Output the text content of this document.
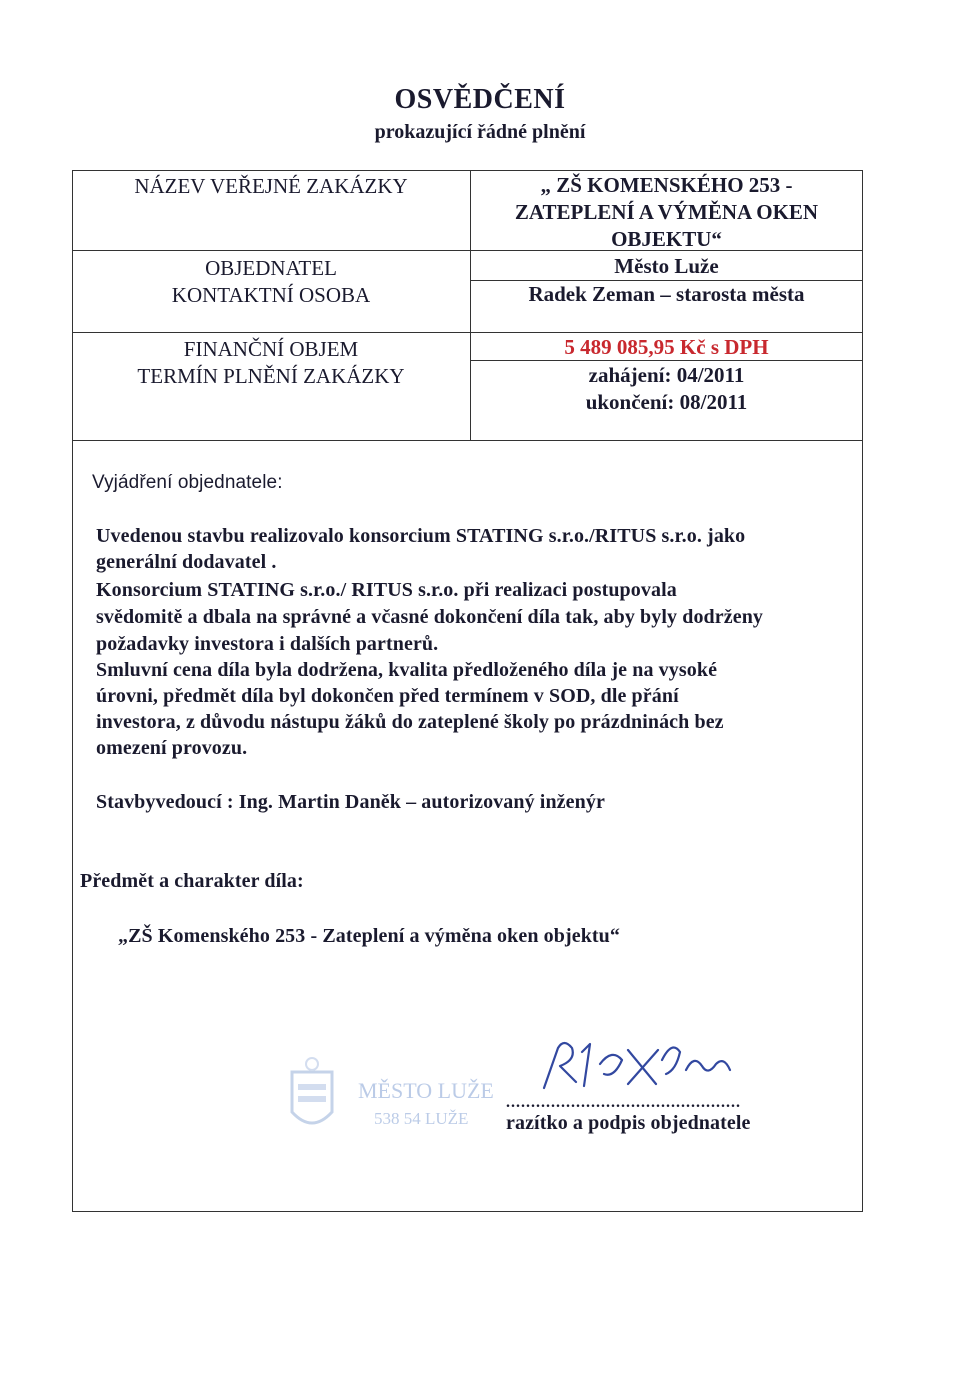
OSVĚDČENÍ
prokazující řádné plnění
NÁZEV VEŘEJNÉ ZAKÁZKY
OBJEDNATEL
KONTAKTNÍ OSOBA
FINANČNÍ OBJEM
TERMÍN PLNĚNÍ ZAKÁZKY
„ ZŠ KOMENSKÉHO 253 -
ZATEPLENÍ A VÝMĚNA OKEN
OBJEKTU“
Město Luže
Radek Zeman – starosta města
5 489 085,95 Kč s DPH
zahájení: 04/2011
ukončení: 08/2011
Vyjádření objednatele:
Uvedenou stavbu realizovalo konsorcium STATING s.r.o./RITUS s.r.o. jako
generální dodavatel .
Konsorcium STATING s.r.o./ RITUS s.r.o. při realizaci postupovala
svědomitě a dbala na správné a včasné dokončení díla tak, aby byly dodrženy
požadavky investora i dalších partnerů.
Smluvní cena díla byla dodržena, kvalita předloženého díla je na vysoké
úrovni, předmět díla byl dokončen před termínem v SOD, dle přání
investora, z důvodu nástupu žáků do zateplené školy po prázdninách bez
omezení provozu.
Stavbyvedoucí : Ing. Martin Daněk – autorizovaný inženýr
Předmět a charakter díla:
„ZŠ Komenského 253 - Zateplení a výměna oken objektu“
MĚSTO LUŽE
538 54 LUŽE
...............................................
razítko a podpis objednatele
